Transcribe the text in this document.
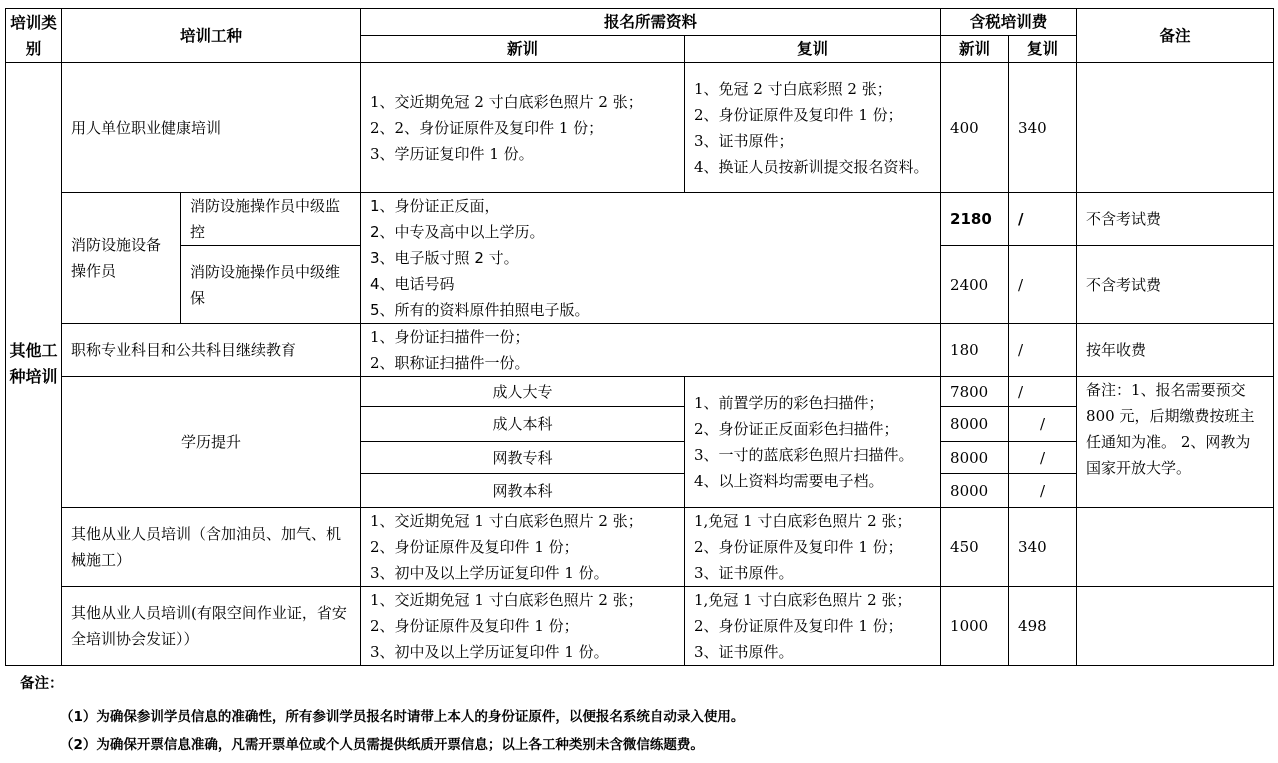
培训类别	培训工种		报名所需资料		含税培训费		备注
			新训	复训	新训	复训	
其他工种培训	用人单位职业健康培训		1、交近期免冠 2 寸白底彩色照片 2 张；
2、2、身份证原件及复印件 1 份；
3、学历证复印件 1 份。	1、免冠 2 寸白底彩照 2 张；
2、身份证原件及复印件 1 份；
3、证书原件；
4、换证人员按新训提交报名资料。	400	340	
	消防设施设备操作员	消防设施操作员中级监控	1、身份证正反面，
2、中专及高中以上学历。
3、电子版寸照 2 寸。
4、电话号码
5、所有的资料原件拍照电子版。		2180	/	不含考试费
		消防设施操作员中级维保			2400	/	不含考试费
	职称专业科目和公共科目继续教育		1、身份证扫描件一份；
2、职称证扫描件一份。		180	/	按年收费
	学历提升		成人大专	1、前置学历的彩色扫描件；
2、身份证正反面彩色扫描件；
3、一寸的蓝底彩色照片扫描件。
4、以上资料均需要电子档。	7800	/	备注：1、报名需要预交 800 元，后期缴费按班主任通知为准。 2、网教为国家开放大学。
			成人本科		8000	/	
			网教专科		8000	/	
			网教本科		8000	/	
	其他从业人员培训（含加油员、加气、机械施工）		1、交近期免冠 1 寸白底彩色照片 2 张；
2、身份证原件及复印件 1 份；
3、初中及以上学历证复印件 1 份。	1,免冠 1 寸白底彩色照片 2 张；
2、身份证原件及复印件 1 份；
3、证书原件。	450	340	
	其他从业人员培训(有限空间作业证，省安全培训协会发证））		1、交近期免冠 1 寸白底彩色照片 2 张；
2、身份证原件及复印件 1 份；
3、初中及以上学历证复印件 1 份。	1,免冠 1 寸白底彩色照片 2 张；
2、身份证原件及复印件 1 份；
3、证书原件。	1000	498	
备注：
（1）为确保参训学员信息的准确性，所有参训学员报名时请带上本人的身份证原件，以便报名系统自动录入使用。
（2）为确保开票信息准确，凡需开票单位或个人员需提供纸质开票信息；以上各工种类别未含微信练题费。
